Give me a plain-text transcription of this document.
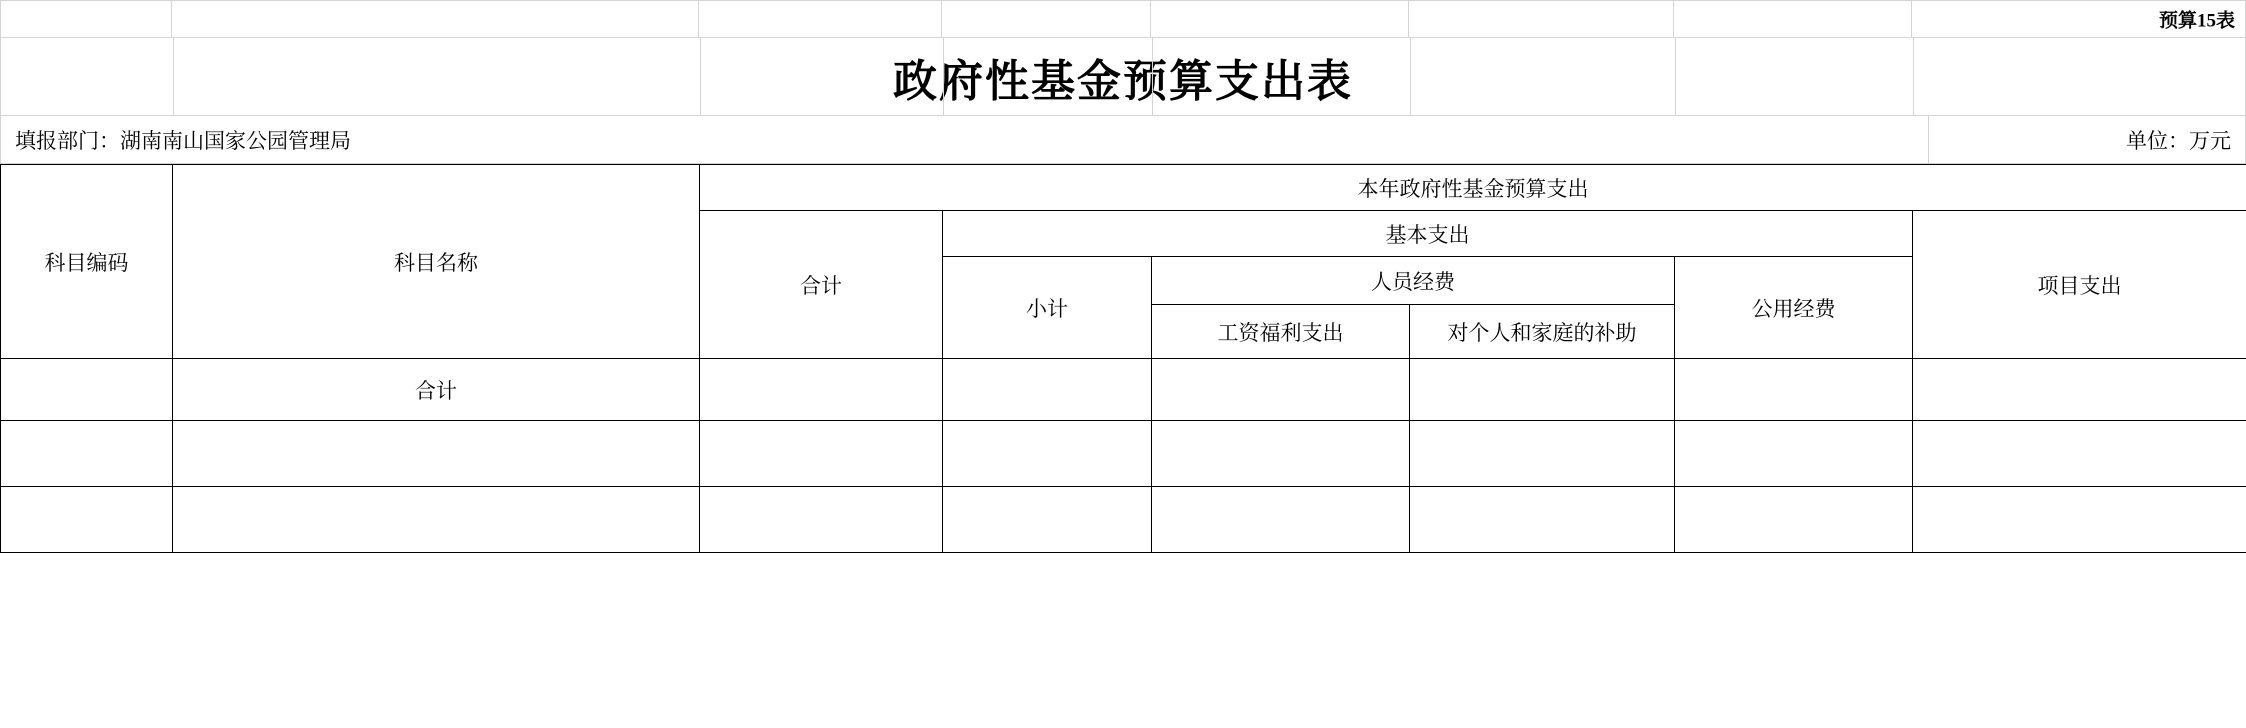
预算15表
政府性基金预算支出表
填报部门：湖南南山国家公园管理局	单位：万元
科目编码	科目名称	本年政府性基金预算支出					
		合计	基本支出				项目支出
			小计	人员经费		公用经费	
				工资福利支出	对个人和家庭的补助		
	合计						
